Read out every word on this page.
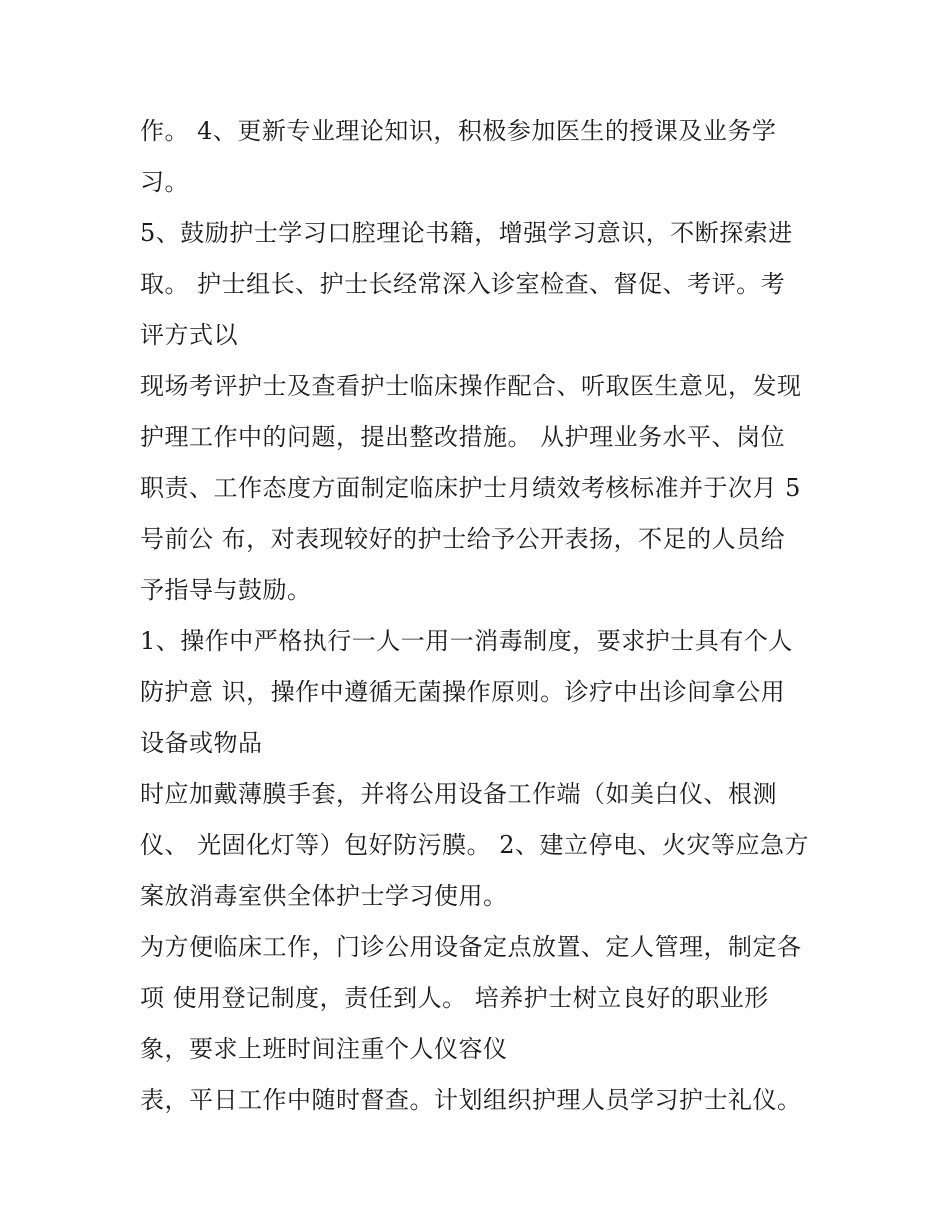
作。 4、更新专业理论知识，积极参加医生的授课及业务学
习。
5、鼓励护士学习口腔理论书籍，增强学习意识，不断探索进
取。 护士组长、护士长经常深入诊室检查、督促、考评。考
评方式以
现场考评护士及查看护士临床操作配合、听取医生意见，发现
护理工作中的问题，提出整改措施。 从护理业务水平、岗位
职责、工作态度方面制定临床护士月绩效考核标准并于次月 5
号前公 布，对表现较好的护士给予公开表扬，不足的人员给
予指导与鼓励。
1、操作中严格执行一人一用一消毒制度，要求护士具有个人
防护意 识，操作中遵循无菌操作原则。诊疗中出诊间拿公用
设备或物品
时应加戴薄膜手套，并将公用设备工作端（如美白仪、根测
仪、 光固化灯等）包好防污膜。 2、建立停电、火灾等应急方
案放消毒室供全体护士学习使用。
为方便临床工作，门诊公用设备定点放置、定人管理，制定各
项 使用登记制度，责任到人。 培养护士树立良好的职业形
象，要求上班时间注重个人仪容仪
表，平日工作中随时督查。计划组织护理人员学习护士礼仪。
